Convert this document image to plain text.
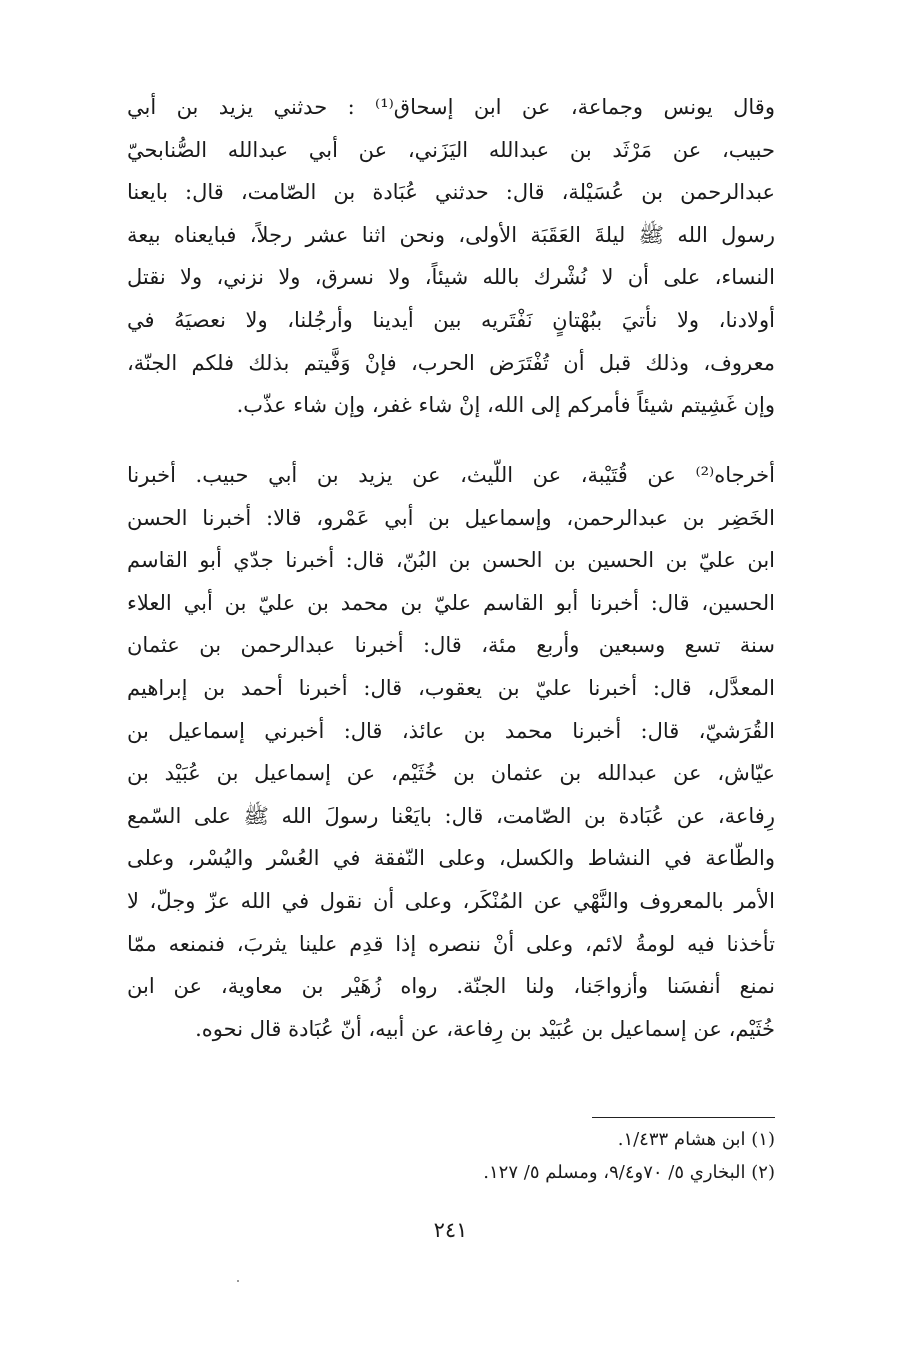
وقال يونس وجماعة، عن ابن إسحاق⁽¹⁾ : حدثني يزيد بن أبي
حبيب، عن مَرْثَد بن عبدالله اليَزَني، عن أبي عبدالله الصُّنابحيّ
عبدالرحمن بن عُسَيْلة، قال: حدثني عُبَادة بن الصّامت، قال: بايعنا
رسول الله ﷺ ليلةَ العَقَبَة الأولى، ونحن اثنا عشر رجلاً، فبايعناه بيعة
النساء، على أن لا نُشْرك بالله شيئاً، ولا نسرق، ولا نزني، ولا نقتل
أولادنا، ولا نأتيَ ببُهْتانٍ نَفْتَريه بين أيدينا وأرجُلنا، ولا نعصيَهُ في
معروف، وذلك قبل أن تُفْتَرَض الحرب، فإنْ وَفَّيتم بذلك فلكم الجنّة،
وإن غَشِيتم شيئاً فأمركم إلى الله، إنْ شاء غفر، وإن شاء عذّب.
أخرجاه⁽²⁾ عن قُتَيْبة، عن اللّيث، عن يزيد بن أبي حبيب. أخبرنا
الخَضِر بن عبدالرحمن، وإسماعيل بن أبي عَمْرو، قالا: أخبرنا الحسن
ابن عليّ بن الحسين بن الحسن بن البُنّ، قال: أخبرنا جدّي أبو القاسم
الحسين، قال: أخبرنا أبو القاسم عليّ بن محمد بن عليّ بن أبي العلاء
سنة تسع وسبعين وأربع مئة، قال: أخبرنا عبدالرحمن بن عثمان
المعدَّل، قال: أخبرنا عليّ بن يعقوب، قال: أخبرنا أحمد بن إبراهيم
القُرَشيّ، قال: أخبرنا محمد بن عائذ، قال: أخبرني إسماعيل بن
عيّاش، عن عبدالله بن عثمان بن خُثَيْم، عن إسماعيل بن عُبَيْد بن
رِفاعة، عن عُبَادة بن الصّامت، قال: بايَعْنا رسولَ الله ﷺ على السّمع
والطّاعة في النشاط والكسل، وعلى النّفقة في العُسْر واليُسْر، وعلى
الأمر بالمعروف والنَّهْي عن المُنْكَر، وعلى أن نقول في الله عزّ وجلّ، لا
تأخذنا فيه لومةُ لائم، وعلى أنْ ننصره إذا قدِم علينا يثربَ، فنمنعه ممّا
نمنع أنفسَنا وأزواجَنا، ولنا الجنّة. رواه زُهَيْر بن معاوية، عن ابن
خُثَيْم، عن إسماعيل بن عُبَيْد بن رِفاعة، عن أبيه، أنّ عُبَادة قال نحوه.
(١) ابن هشام ١/٤٣٣.
(٢) البخاري ٥/ ٧٠و٩/٤، ومسلم ٥/ ١٢٧.
٢٤١
